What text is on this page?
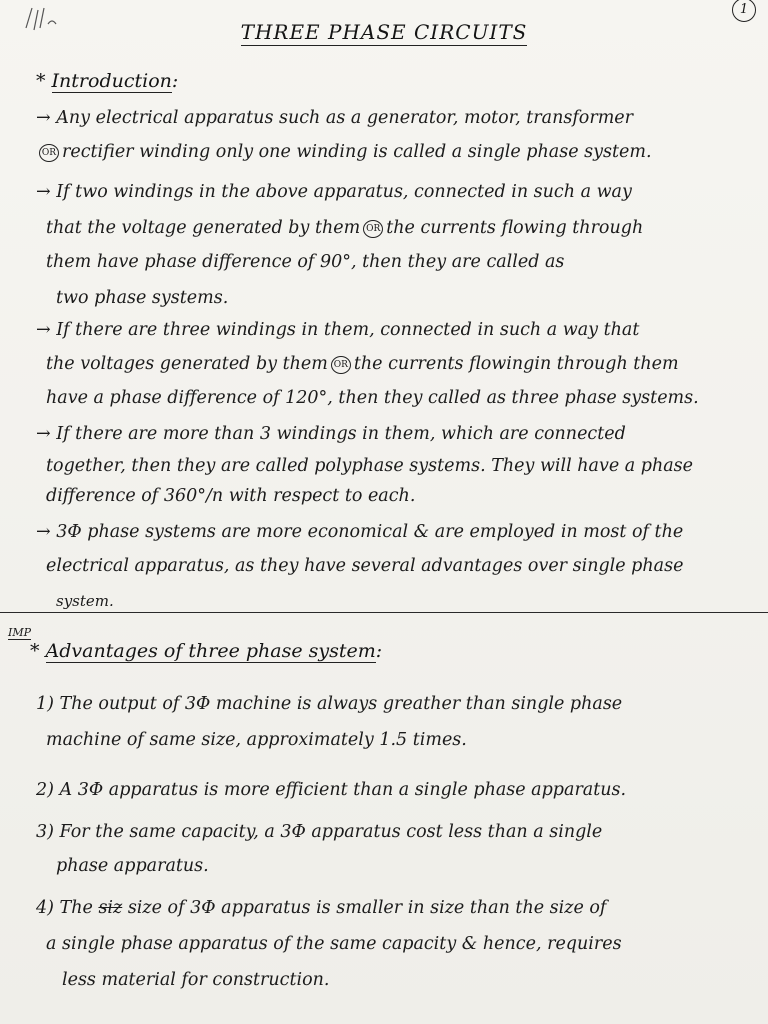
1
THREE PHASE CIRCUITS
* Introduction:
→ Any electrical apparatus such as a generator, motor, transformer
OR rectifier winding only one winding is called a single phase system.
→ If two windings in the above apparatus, connected in such a way
that the voltage generated by them OR the currents flowing through
them have phase difference of 90°, then they are called as
two phase systems.
→ If there are three windings in them, connected in such a way that
the voltages generated by them OR the currents flowingin through them
have a phase difference of 120°, then they called as three phase systems.
→ If there are more than 3 windings in them, which are connected
together, then they are called polyphase systems. They will have a phase
difference of 360°/n with respect to each.
→ 3Φ phase systems are more economical & are employed in most of the
electrical apparatus, as they have several advantages over single phase
system.
IMP
* Advantages of three phase system:
1) The output of 3Φ machine is always greather than single phase
machine of same size, approximately 1.5 times.
2) A 3Φ apparatus is more efficient than a single phase apparatus.
3) For the same capacity, a 3Φ apparatus cost less than a single
phase apparatus.
4) The siz size of 3Φ apparatus is smaller in size than the size of
a single phase apparatus of the same capacity & hence, requires
less material for construction.
